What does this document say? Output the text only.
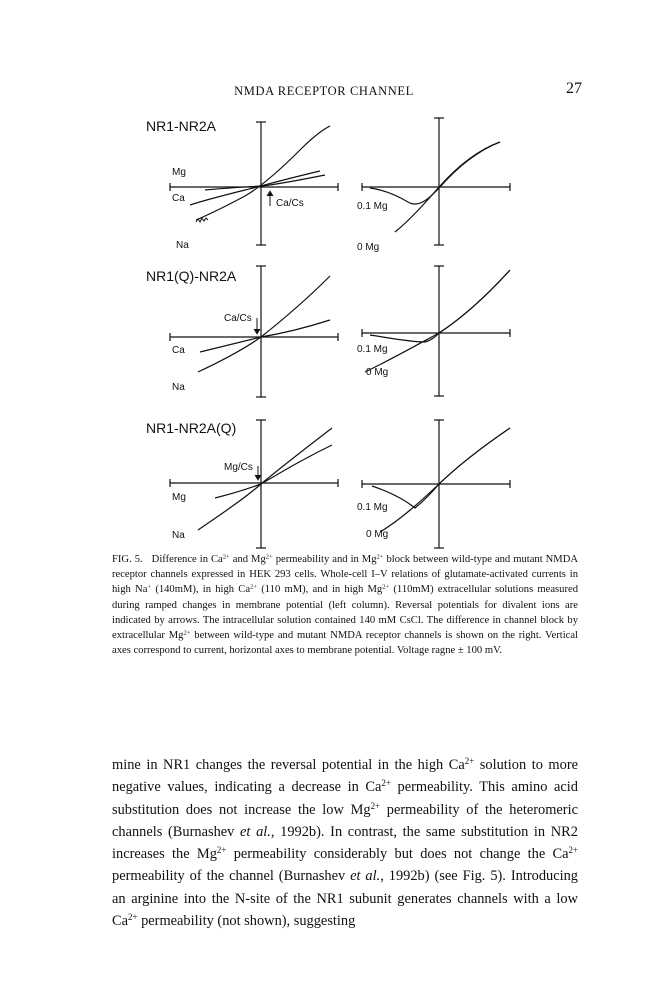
NMDA RECEPTOR CHANNEL	27
NR1-NR2A
Mg
Ca	Ca/Cs
Na
0.1 Mg
0 Mg
NR1(Q)-NR2A
Ca/Cs
Ca
Na
0.1 Mg
0 Mg
NR1-NR2A(Q)
Mg/Cs
Mg
Na
0.1 Mg
0 Mg

FIG. 5. Difference in $Ca^{2+}$ and $Mg^{2+}$ permeability and in $Mg^{2+}$ block between wild-type and mutant NMDA receptor channels expressed in HEK 293 cells. Whole-cell I–V relations of glutamate-activated currents in high Na+ (140mM), in high $Ca^{2+}$ (110 mM), and in high $Mg^{2+}$ (110mM) extracellular solutions measured during ramped changes in membrane potential (left column). Reversal potentials for divalent ions are indicated by arrows. The intracellular solution contained 140 mM CsCl. The difference in channel block by extracellular $Mg^{2+}$ between wild-type and mutant NMDA receptor channels is shown on the right. Vertical axes correspond to current, horizontal axes to membrane potential. Voltage ragne ± 100 mV.

mine in NR1 changes the reversal potential in the high $Ca^{2+}$ solution to more negative values, indicating a decrease in $Ca^{2+}$ permeability. This amino acid substitution does not increase the low $Mg^{2+}$ permeability of the heteromeric channels (Burnashev et al., 1992b). In contrast, the same substitution in NR2 increases the $Mg^{2+}$ permeability considerably but does not change the $Ca^{2+}$ permeability of the channel (Burnashev et al., 1992b) (see Fig. 5). Introducing an arginine into the N-site of the NR1 subunit generates channels with a low $Ca^{2+}$ permeability (not shown), suggesting
